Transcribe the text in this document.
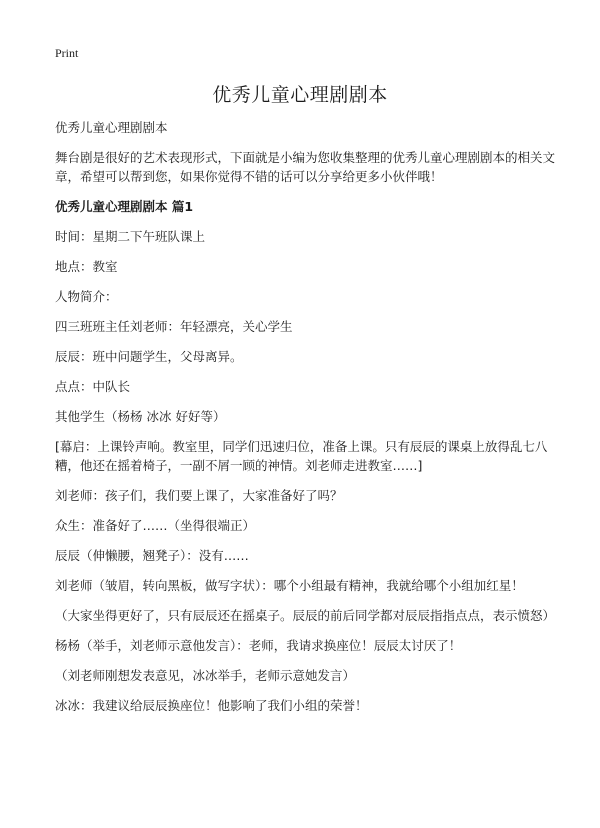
Print
优秀儿童心理剧剧本

优秀儿童心理剧剧本

舞台剧是很好的艺术表现形式，下面就是小编为您收集整理的优秀儿童心理剧剧本的相关文章，希望可以帮到您，如果你觉得不错的话可以分享给更多小伙伴哦！

优秀儿童心理剧剧本 篇1

时间：星期二下午班队课上

地点：教室

人物简介：

四三班班主任刘老师：年轻漂亮，关心学生

辰辰：班中问题学生，父母离异。

点点：中队长

其他学生（杨杨 冰冰 好好等）

[幕启：上课铃声响。教室里，同学们迅速归位，准备上课。只有辰辰的课桌上放得乱七八糟，他还在摇着椅子，一副不屑一顾的神情。刘老师走进教室……]

刘老师：孩子们，我们要上课了，大家准备好了吗？

众生：准备好了……（坐得很端正）

辰辰（伸懒腰，翘凳子）：没有……

刘老师（皱眉，转向黑板，做写字状）：哪个小组最有精神，我就给哪个小组加红星！

（大家坐得更好了，只有辰辰还在摇桌子。辰辰的前后同学都对辰辰指指点点，表示愤怒）

杨杨（举手，刘老师示意他发言）：老师，我请求换座位！辰辰太讨厌了！

（刘老师刚想发表意见，冰冰举手，老师示意她发言）

冰冰：我建议给辰辰换座位！他影响了我们小组的荣誉！
